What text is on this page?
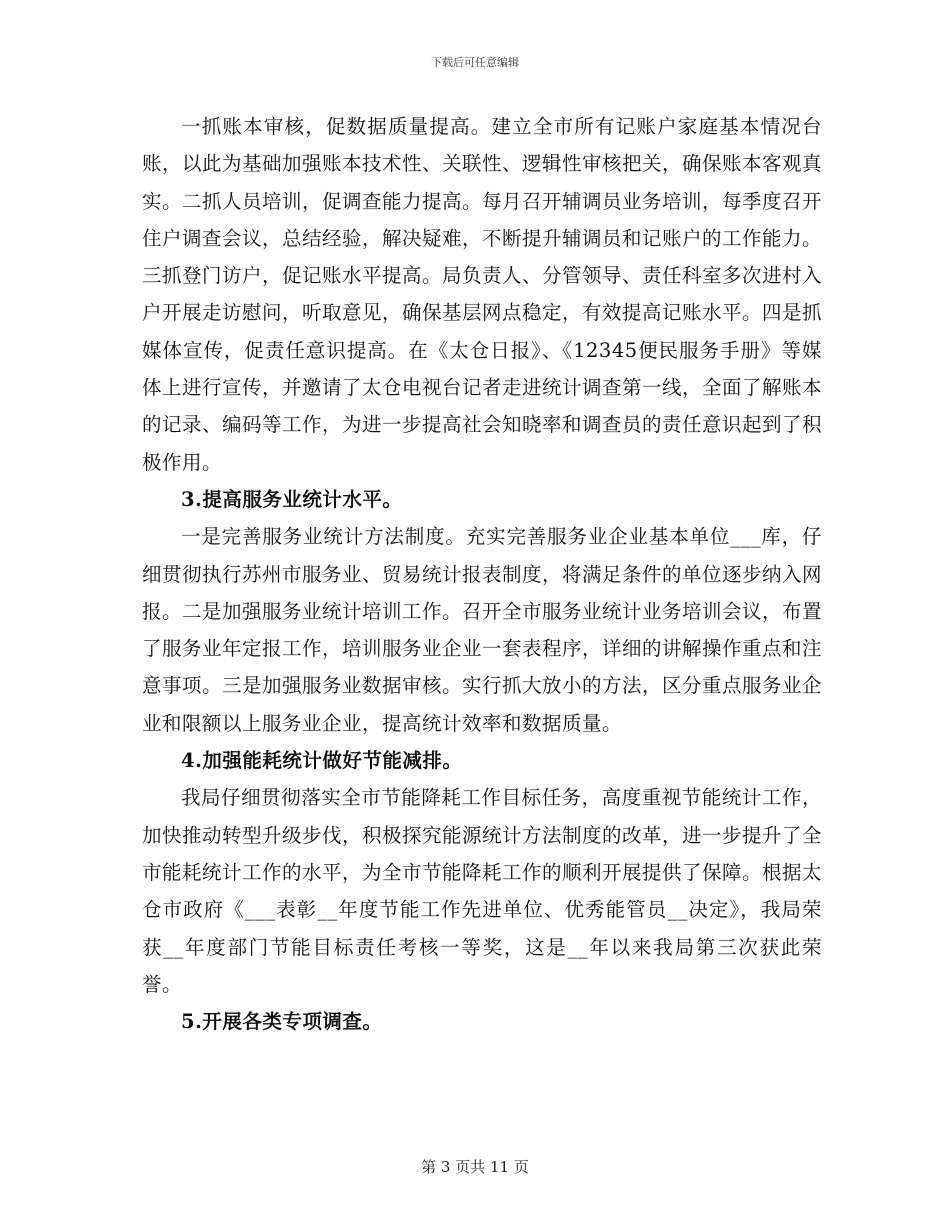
下载后可任意编辑

一抓账本审核，促数据质量提高。建立全市所有记账户家庭基本情况台账，以此为基础加强账本技术性、关联性、逻辑性审核把关，确保账本客观真实。二抓人员培训，促调查能力提高。每月召开辅调员业务培训，每季度召开住户调查会议，总结经验，解决疑难，不断提升辅调员和记账户的工作能力。三抓登门访户，促记账水平提高。局负责人、分管领导、责任科室多次进村入户开展走访慰问，听取意见，确保基层网点稳定，有效提高记账水平。四是抓媒体宣传，促责任意识提高。在《太仓日报》、《12345便民服务手册》等媒体上进行宣传，并邀请了太仓电视台记者走进统计调查第一线，全面了解账本的记录、编码等工作，为进一步提高社会知晓率和调查员的责任意识起到了积极作用。

3.提高服务业统计水平。

一是完善服务业统计方法制度。充实完善服务业企业基本单位___库，仔细贯彻执行苏州市服务业、贸易统计报表制度，将满足条件的单位逐步纳入网报。二是加强服务业统计培训工作。召开全市服务业统计业务培训会议，布置了服务业年定报工作，培训服务业企业一套表程序，详细的讲解操作重点和注意事项。三是加强服务业数据审核。实行抓大放小的方法，区分重点服务业企业和限额以上服务业企业，提高统计效率和数据质量。

4.加强能耗统计做好节能减排。

我局仔细贯彻落实全市节能降耗工作目标任务，高度重视节能统计工作，加快推动转型升级步伐，积极探究能源统计方法制度的改革，进一步提升了全市能耗统计工作的水平，为全市节能降耗工作的顺利开展提供了保障。根据太仓市政府《___表彰__年度节能工作先进单位、优秀能管员__决定》，我局荣获__年度部门节能目标责任考核一等奖，这是__年以来我局第三次获此荣誉。

5.开展各类专项调查。

第 3 页共 11 页
